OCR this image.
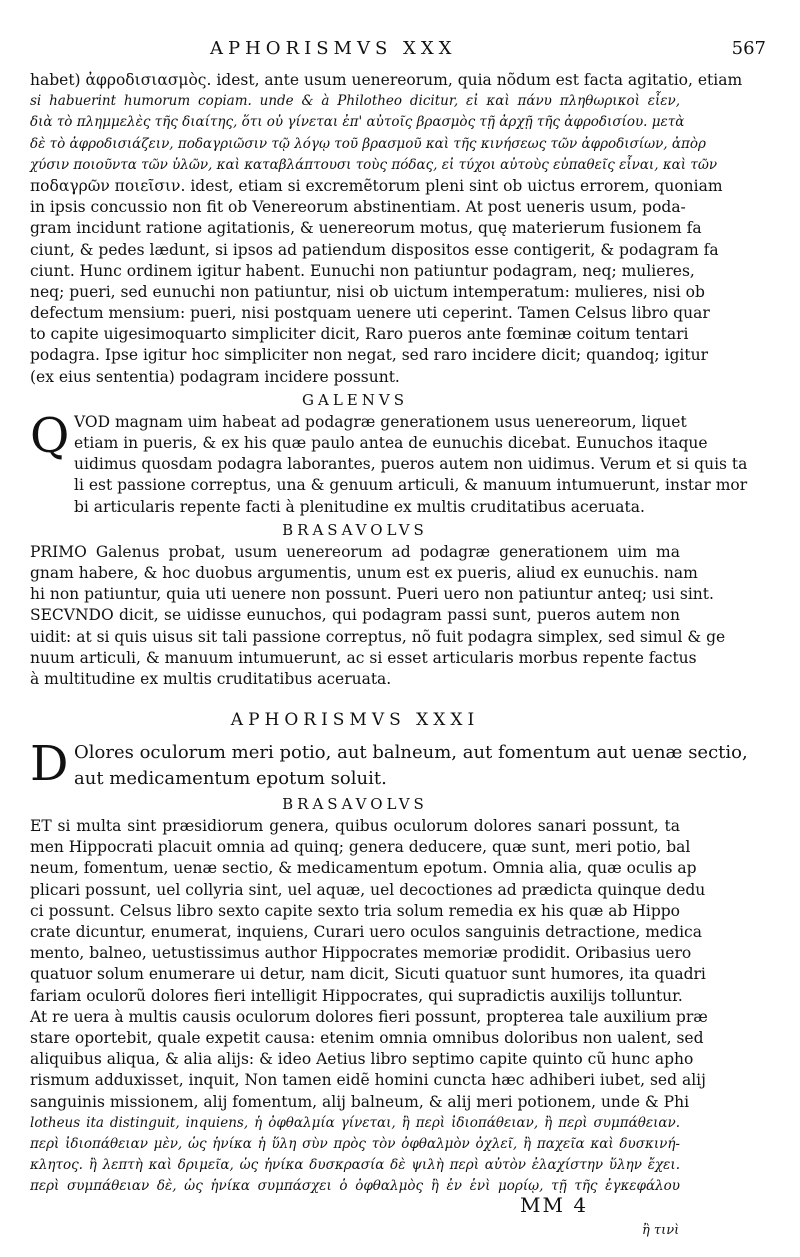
APHORISMVS XXX	567
habet) ἀφροδισιασμὸς. idest, ante usum uenereorum, quia nõdum est facta agitatio, etiam
si habuerint humorum copiam. unde & à Philotheo dicitur, εἰ καὶ πάνυ πληθωρικοὶ εἶεν,
διὰ τὸ πλημμελὲς τῆς διαίτης, ὅτι οὐ γίνεται ἐπ' αὐτοῖς βρασμὸς τῇ ἀρχῇ τῆς ἀφροδισίου. μετὰ
δὲ τὸ ἀφροδισιάζειν, ποδαγριῶσιν τῷ λόγῳ τοῦ βρασμοῦ καὶ τῆς κινήσεως τῶν ἀφροδισίων, ἀπὸρ
χύσιν ποιοῦντα τῶν ὑλῶν, καὶ καταβλάπτουσι τοὺς πόδας, εἰ τύχοι αὐτοὺς εὐπαθεῖς εἶναι, καὶ τῶν
ποδαγρῶν ποιεῖσιν. idest, etiam si excremẽtorum pleni sint ob uictus errorem, quoniam
in ipsis concussio non fit ob Venereorum abstinentiam. At post ueneris usum, poda-
gram incidunt ratione agitationis, & uenereorum motus, quę materierum fusionem fa
ciunt, & pedes lædunt, si ipsos ad patiendum dispositos esse contigerit, & podagram fa
ciunt. Hunc ordinem igitur habent. Eunuchi non patiuntur podagram, neq; mulieres,
neq; pueri, sed eunuchi non patiuntur, nisi ob uictum intemperatum: mulieres, nisi ob
defectum mensium: pueri, nisi postquam uenere uti ceperint. Tamen Celsus libro quar
to capite uigesimoquarto simpliciter dicit, Raro pueros ante fœminæ coitum tentari
podagra. Ipse igitur hoc simpliciter non negat, sed raro incidere dicit; quandoq; igitur
(ex eius sententia) podagram incidere possunt.
GALENVS
Q VOD magnam uim habeat ad podagræ generationem usus uenereorum, liquet
etiam in pueris, & ex his quæ paulo antea de eunuchis dicebat. Eunuchos itaque
uidimus quosdam podagra laborantes, pueros autem non uidimus. Verum et si quis ta
li est passione correptus, una & genuum articuli, & manuum intumuerunt, instar mor
bi articularis repente facti à plenitudine ex multis cruditatibus aceruata.
BRASAVOLVS
PRIMO Galenus probat, usum uenereorum ad podagræ generationem uim ma
gnam habere, & hoc duobus argumentis, unum est ex pueris, aliud ex eunuchis. nam
hi non patiuntur, quia uti uenere non possunt. Pueri uero non patiuntur anteq; usi sint.
SECVNDO dicit, se uidisse eunuchos, qui podagram passi sunt, pueros autem non
uidit: at si quis uisus sit tali passione correptus, nõ fuit podagra simplex, sed simul & ge
nuum articuli, & manuum intumuerunt, ac si esset articularis morbus repente factus
à multitudine ex multis cruditatibus aceruata.
APHORISMVS XXXI
D Olores oculorum meri potio, aut balneum, aut fomentum aut uenæ sectio,
aut medicamentum epotum soluit.
BRASAVOLVS
ET si multa sint præsidiorum genera, quibus oculorum dolores sanari possunt, ta
men Hippocrati placuit omnia ad quinq; genera deducere, quæ sunt, meri potio, bal
neum, fomentum, uenæ sectio, & medicamentum epotum. Omnia alia, quæ oculis ap
plicari possunt, uel collyria sint, uel aquæ, uel decoctiones ad prædicta quinque dedu
ci possunt. Celsus libro sexto capite sexto tria solum remedia ex his quæ ab Hippo
crate dicuntur, enumerat, inquiens, Curari uero oculos sanguinis detractione, medica
mento, balneo, uetustissimus author Hippocrates memoriæ prodidit. Oribasius uero
quatuor solum enumerare ui detur, nam dicit, Sicuti quatuor sunt humores, ita quadri
fariam oculorũ dolores fieri intelligit Hippocrates, qui supradictis auxilijs tolluntur.
At re uera à multis causis oculorum dolores fieri possunt, propterea tale auxilium præ
stare oportebit, quale expetit causa: etenim omnia omnibus doloribus non ualent, sed
aliquibus aliqua, & alia alijs: & ideo Aetius libro septimo capite quinto cũ hunc apho
rismum adduxisset, inquit, Non tamen eidẽ homini cuncta hæc adhiberi iubet, sed alij
sanguinis missionem, alij fomentum, alij balneum, & alij meri potionem, unde & Phi
lotheus ita distinguit, inquiens, ἡ ὀφθαλμία γίνεται, ἢ περὶ ἰδιοπάθειαν, ἢ περὶ συμπάθειαν.
περὶ ἰδιοπάθειαν μὲν, ὡς ἡνίκα ἡ ὕλη σὺν πρὸς τὸν ὀφθαλμὸν ὀχλεῖ, ἢ παχεῖα καὶ δυσκινή-
κλητος. ἢ λεπτὴ καὶ δριμεῖα, ὡς ἡνίκα δυσκρασία δὲ ψιλὴ περὶ αὐτὸν ἐλαχίστην ὕλην ἔχει.
περὶ συμπάθειαν δὲ, ὡς ἡνίκα συμπάσχει ὁ ὀφθαλμὸς ἢ ἐν ἑνὶ μορίῳ, τῇ τῆς ἐγκεφάλου
MM 4
ἢ τινὶ
